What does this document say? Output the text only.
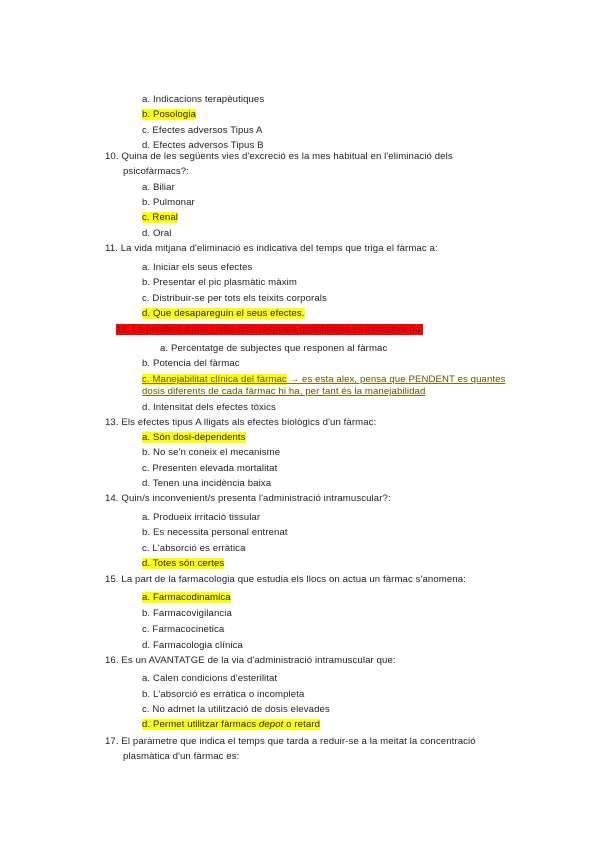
a. Indicacions terapèutiques
b. Posologia
c. Efectes adversos Tipus A
d. Efectes adversos Tipus B
10. Quina de les següents vies d'excreció es la mes habitual en l'eliminació dels
psicofàrmacs?:
a. Biliar
b. Pulmonar
c. Renal
d. Oral
11. La vida mitjana d'eliminació es indicativa del temps que triga el fàrmac a:
a. Iniciar els seus efectes
b. Presentar el pic plasmàtic màxim
c. Distribuir-se per tots els teixits corporals
d. Que desapareguin el seus efectes.
12. La pendent d'una corba dosi-resposta quantitativa es indicativa de:
a. Percentatge de subjectes que responen al fàrmac
b. Potencia del fàrmac
c. Manejabilitat clínica del fàrmac → es esta alex, pensa que PENDENT es quantes
dosis diferents de cada fàrmac hi ha, per tant és la manejabilidad
d. Intensitat dels efectes tòxics
13. Els efectes tipus A lligats als efectes biològics d'un fàrmac:
a. Són dosi-dependents
b. No se'n coneix el mecanisme
c. Presenten elevada mortalitat
d. Tenen una incidència baixa
14. Quin/s inconvenient/s presenta l'administració intramuscular?:
a. Produeix irritació tissular
b. Es necessita personal entrenat
c. L'absorció es erràtica
d. Totes són certes
15. La part de la farmacologia que estudia els llocs on actua un fàrmac s'anomena:
a. Farmacodinamica
b. Farmacovigilancia
c. Farmacocinetica
d. Farmacologia clínica
16. Es un AVANTATGE de la via d'administració intramuscular que:
a. Calen condicions d'esterilitat
b. L'absorció es erràtica o incompleta
c. No admet la utilització de dosis elevades
d. Permet utilitzar fàrmacs depot o retard
17. El paràmetre que indica el temps que tarda a reduir-se a la meitat la concentració
plasmàtica d'un fàrmac es:
